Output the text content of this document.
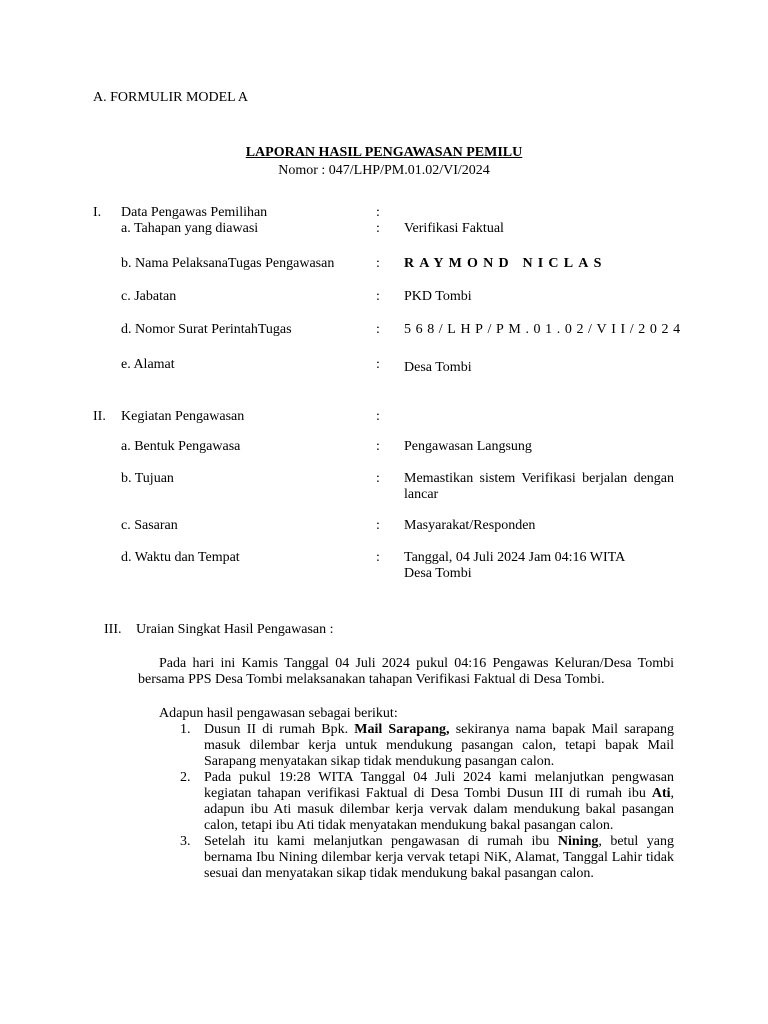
A. FORMULIR MODEL A
LAPORAN HASIL PENGAWASAN PEMILU
Nomor : 047/LHP/PM.01.02/VI/2024
I. Data Pengawas Pemilihan	:
a. Tahapan yang diawasi	: Verifikasi Faktual
b. Nama PelaksanaTugas Pengawasan	: RAYMOND NICLAS
c. Jabatan	: PKD Tombi
d. Nomor Surat PerintahTugas	: 568/LHP/PM.01.02/VII/2024
e. Alamat	: Desa Tombi
II. Kegiatan Pengawasan	:
a. Bentuk Pengawasa	: Pengawasan Langsung
b. Tujuan	: Memastikan sistem Verifikasi berjalan dengan lancar
c. Sasaran	: Masyarakat/Responden
d. Waktu dan Tempat	: Tanggal, 04 Juli 2024 Jam 04:16 WITA
Desa Tombi
III. Uraian Singkat Hasil Pengawasan :
Pada hari ini Kamis Tanggal 04 Juli 2024 pukul 04:16 Pengawas Keluran/Desa Tombi bersama PPS Desa Tombi melaksanakan tahapan Verifikasi Faktual di Desa Tombi.
Adapun hasil pengawasan sebagai berikut:
1. Dusun II di rumah Bpk. Mail Sarapang, sekiranya nama bapak Mail sarapang masuk dilembar kerja untuk mendukung pasangan calon, tetapi bapak Mail Sarapang menyatakan sikap tidak mendukung pasangan calon.
2. Pada pukul 19:28 WITA Tanggal 04 Juli 2024 kami melanjutkan pengwasan kegiatan tahapan verifikasi Faktual di Desa Tombi Dusun III di rumah ibu Ati, adapun ibu Ati masuk dilembar kerja vervak dalam mendukung bakal pasangan calon, tetapi ibu Ati tidak menyatakan mendukung bakal pasangan calon.
3. Setelah itu kami melanjutkan pengawasan di rumah ibu Nining, betul yang bernama Ibu Nining dilembar kerja vervak tetapi NiK, Alamat, Tanggal Lahir tidak sesuai dan menyatakan sikap tidak mendukung bakal pasangan calon.
